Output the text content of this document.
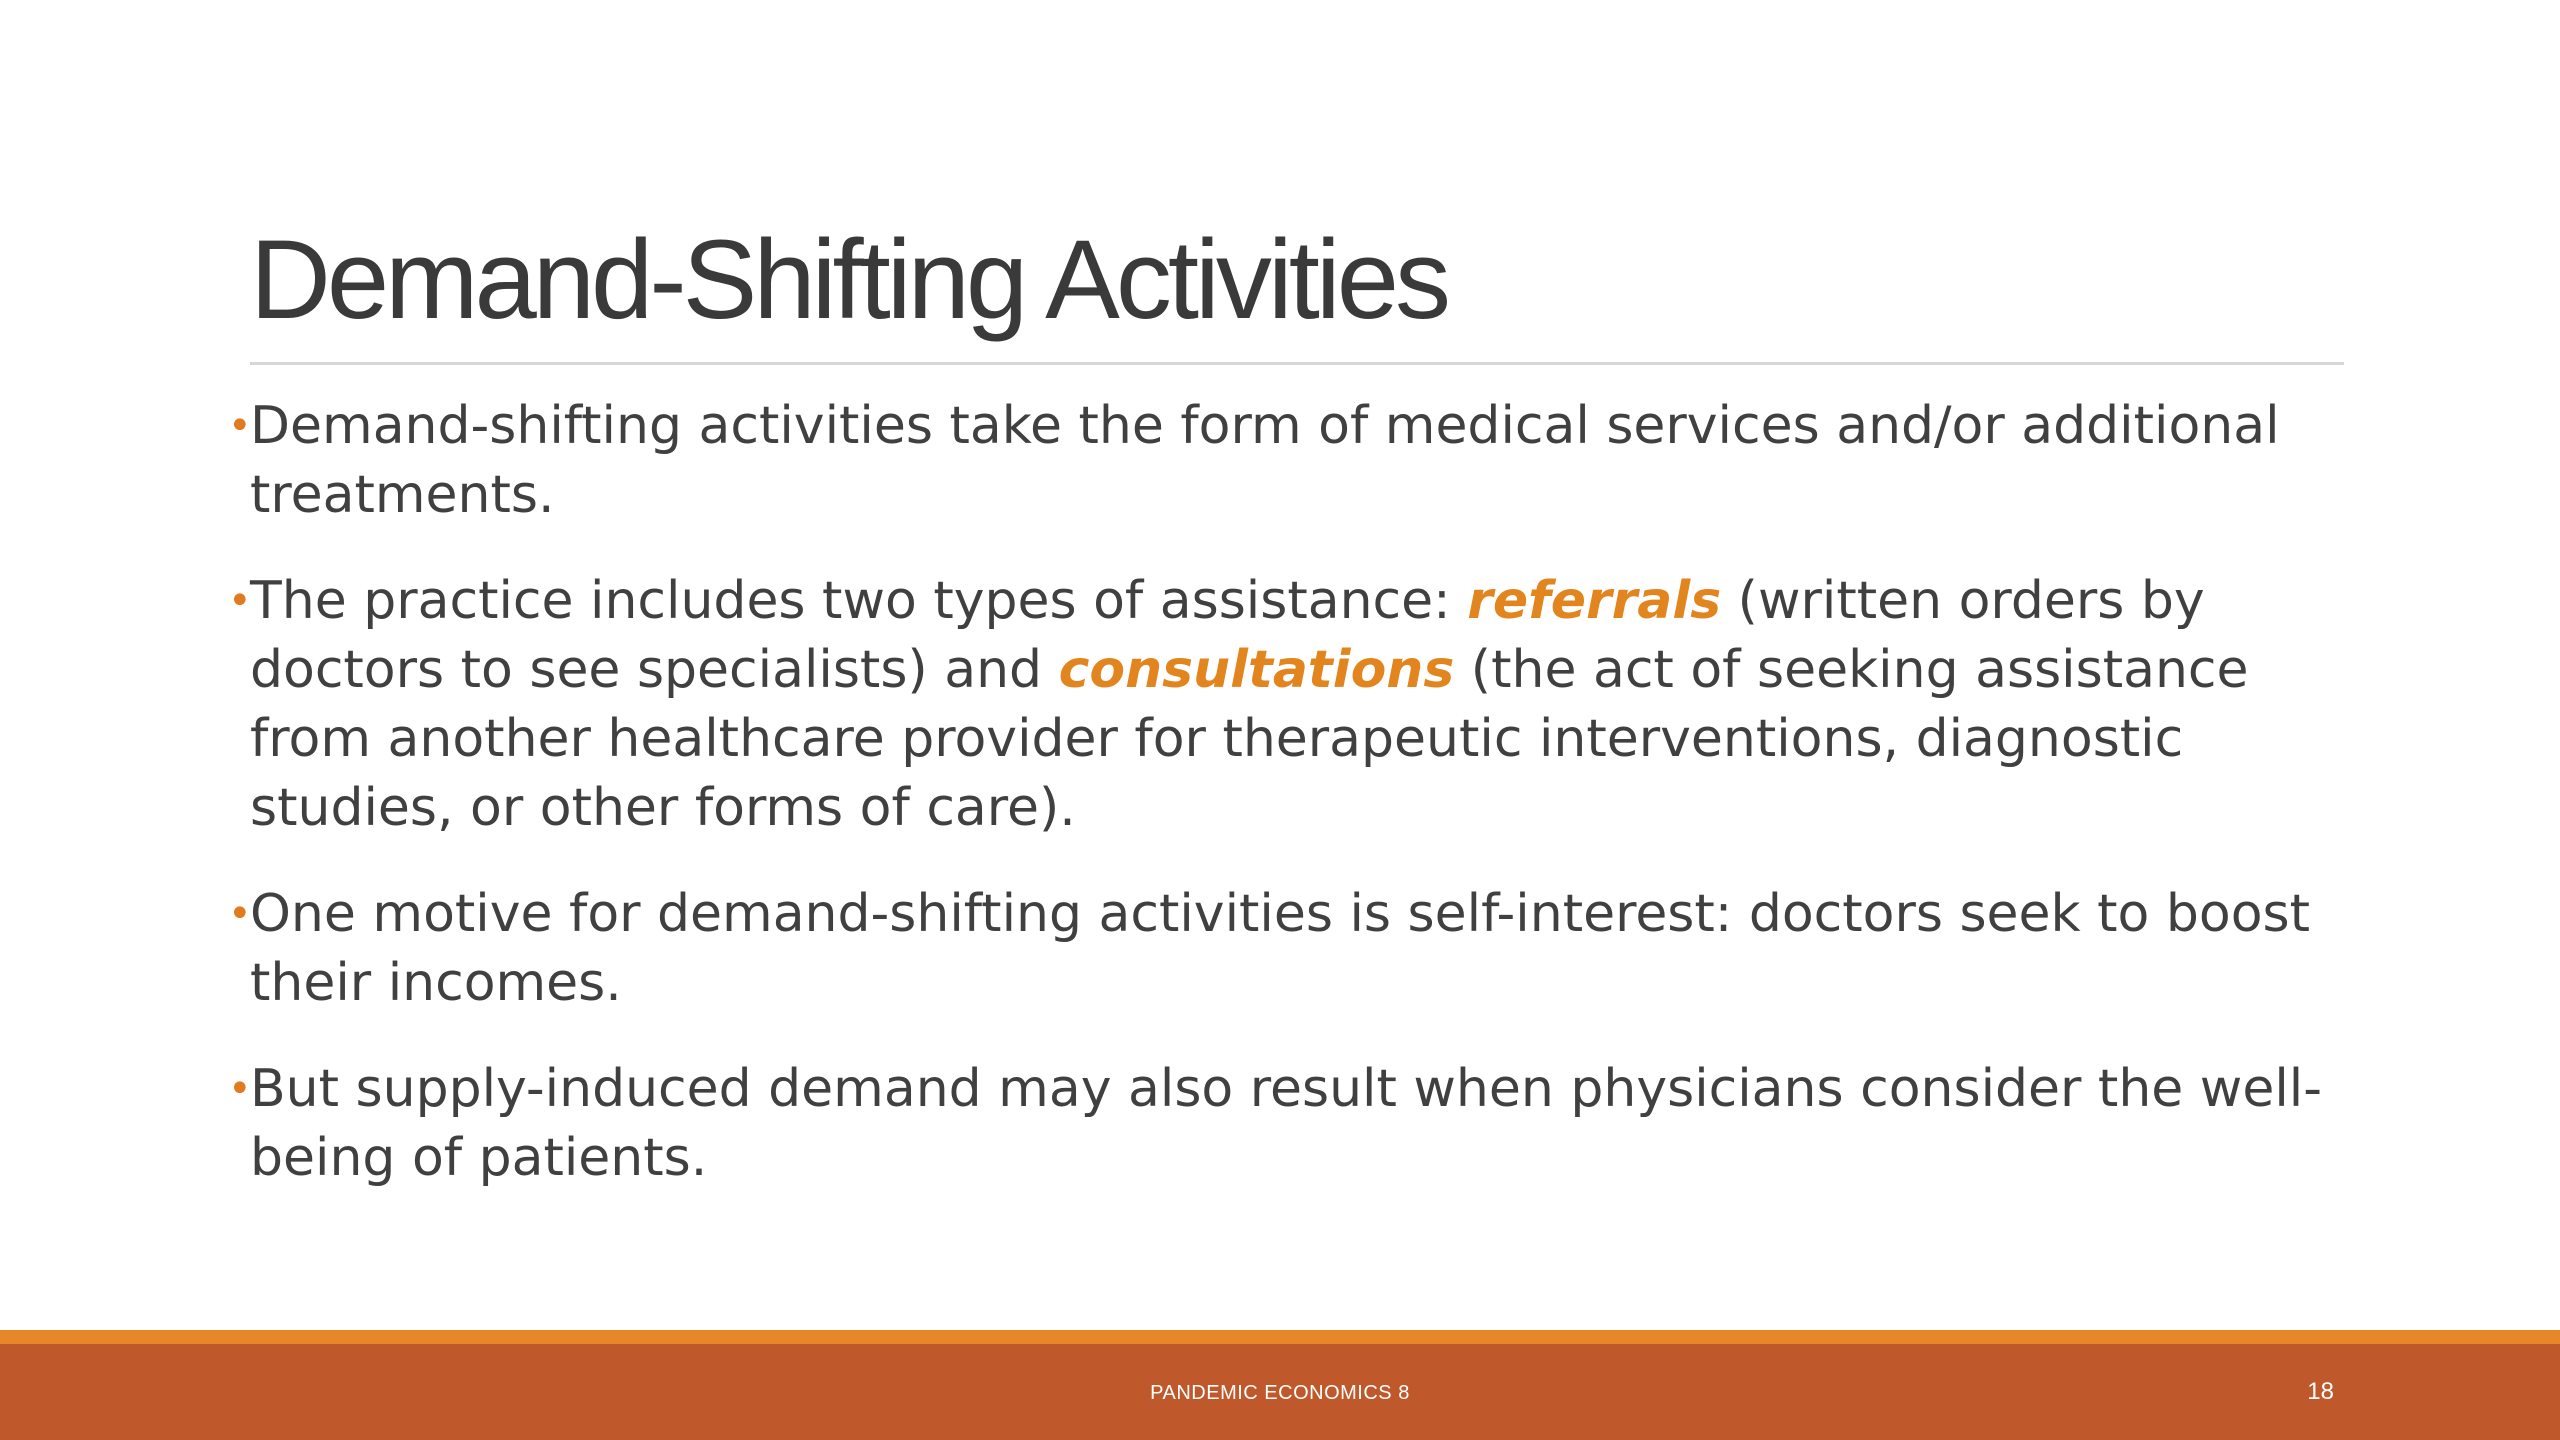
Demand-Shifting Activities
•
Demand-shifting activities take the form of medical services and/or additional treatments.
•
The practice includes two types of assistance: referrals (written orders by doctors to see specialists) and consultations (the act of seeking assistance from another healthcare provider for therapeutic interventions, diagnostic studies, or other forms of care).
•
One motive for demand-shifting activities is self-interest: doctors seek to boost their incomes.
•
But supply-induced demand may also result when physicians consider the well-being of patients.
PANDEMIC ECONOMICS 8	18
